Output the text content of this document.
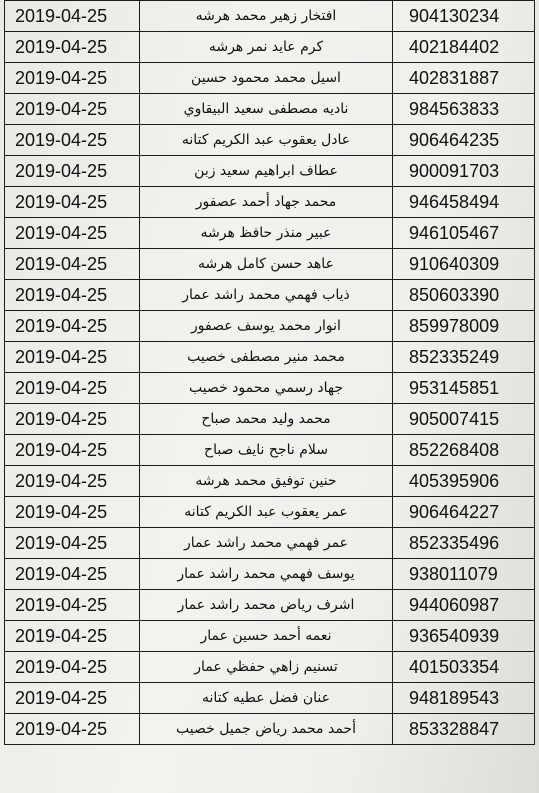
2019-04-25	افتخار زهير محمد هرشه	904130234
2019-04-25	كرم عايد نمر هرشه	402184402
2019-04-25	اسيل محمد محمود حسين	402831887
2019-04-25	ناديه مصطفى سعيد البيقاوي	984563833
2019-04-25	عادل يعقوب عبد الكريم كتانه	906464235
2019-04-25	عطاف ابراهيم سعيد زبن	900091703
2019-04-25	محمد جهاد أحمد عصفور	946458494
2019-04-25	عبير منذر حافظ هرشه	946105467
2019-04-25	عاهد حسن كامل هرشه	910640309
2019-04-25	ذياب فهمي محمد راشد عمار	850603390
2019-04-25	انوار محمد يوسف عصفور	859978009
2019-04-25	محمد منير مصطفى خصيب	852335249
2019-04-25	جهاد رسمي محمود خصيب	953145851
2019-04-25	محمد وليد محمد صباح	905007415
2019-04-25	سلام ناجح نايف صباح	852268408
2019-04-25	حنين توفيق محمد هرشه	405395906
2019-04-25	عمر يعقوب عبد الكريم كتانه	906464227
2019-04-25	عمر فهمي محمد راشد عمار	852335496
2019-04-25	يوسف فهمي محمد راشد عمار	938011079
2019-04-25	اشرف رياض محمد راشد عمار	944060987
2019-04-25	نعمه أحمد حسين عمار	936540939
2019-04-25	تسنيم زاهي حفظي عمار	401503354
2019-04-25	عنان فضل عطيه كتانه	948189543
2019-04-25	أحمد محمد رياض جميل خصيب	853328847
